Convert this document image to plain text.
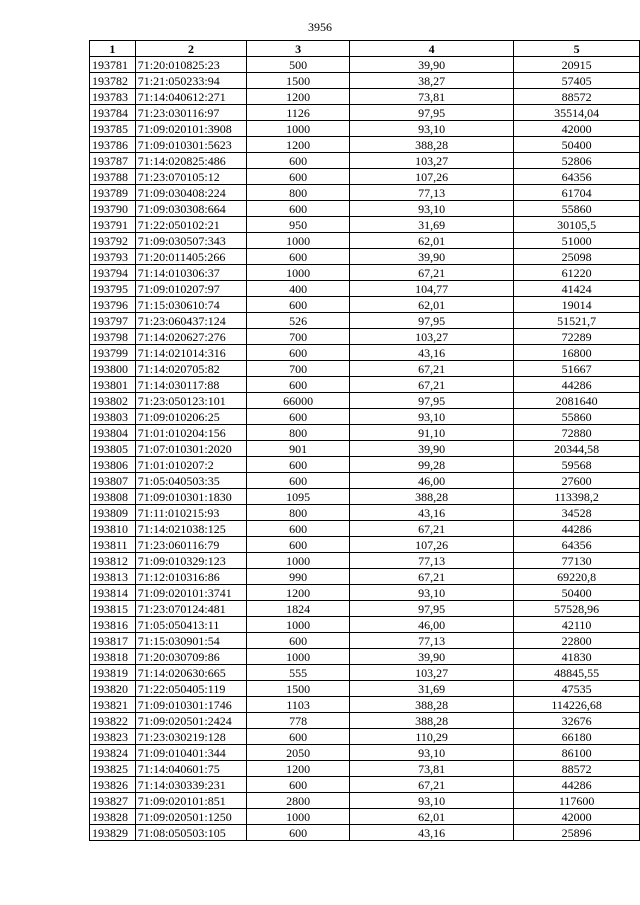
3956
1	2	3	4	5
193781	71:20:010825:23	500	39,90	20915
193782	71:21:050233:94	1500	38,27	57405
193783	71:14:040612:271	1200	73,81	88572
193784	71:23:030116:97	1126	97,95	35514,04
193785	71:09:020101:3908	1000	93,10	42000
193786	71:09:010301:5623	1200	388,28	50400
193787	71:14:020825:486	600	103,27	52806
193788	71:23:070105:12	600	107,26	64356
193789	71:09:030408:224	800	77,13	61704
193790	71:09:030308:664	600	93,10	55860
193791	71:22:050102:21	950	31,69	30105,5
193792	71:09:030507:343	1000	62,01	51000
193793	71:20:011405:266	600	39,90	25098
193794	71:14:010306:37	1000	67,21	61220
193795	71:09:010207:97	400	104,77	41424
193796	71:15:030610:74	600	62,01	19014
193797	71:23:060437:124	526	97,95	51521,7
193798	71:14:020627:276	700	103,27	72289
193799	71:14:021014:316	600	43,16	16800
193800	71:14:020705:82	700	67,21	51667
193801	71:14:030117:88	600	67,21	44286
193802	71:23:050123:101	66000	97,95	2081640
193803	71:09:010206:25	600	93,10	55860
193804	71:01:010204:156	800	91,10	72880
193805	71:07:010301:2020	901	39,90	20344,58
193806	71:01:010207:2	600	99,28	59568
193807	71:05:040503:35	600	46,00	27600
193808	71:09:010301:1830	1095	388,28	113398,2
193809	71:11:010215:93	800	43,16	34528
193810	71:14:021038:125	600	67,21	44286
193811	71:23:060116:79	600	107,26	64356
193812	71:09:010329:123	1000	77,13	77130
193813	71:12:010316:86	990	67,21	69220,8
193814	71:09:020101:3741	1200	93,10	50400
193815	71:23:070124:481	1824	97,95	57528,96
193816	71:05:050413:11	1000	46,00	42110
193817	71:15:030901:54	600	77,13	22800
193818	71:20:030709:86	1000	39,90	41830
193819	71:14:020630:665	555	103,27	48845,55
193820	71:22:050405:119	1500	31,69	47535
193821	71:09:010301:1746	1103	388,28	114226,68
193822	71:09:020501:2424	778	388,28	32676
193823	71:23:030219:128	600	110,29	66180
193824	71:09:010401:344	2050	93,10	86100
193825	71:14:040601:75	1200	73,81	88572
193826	71:14:030339:231	600	67,21	44286
193827	71:09:020101:851	2800	93,10	117600
193828	71:09:020501:1250	1000	62,01	42000
193829	71:08:050503:105	600	43,16	25896
